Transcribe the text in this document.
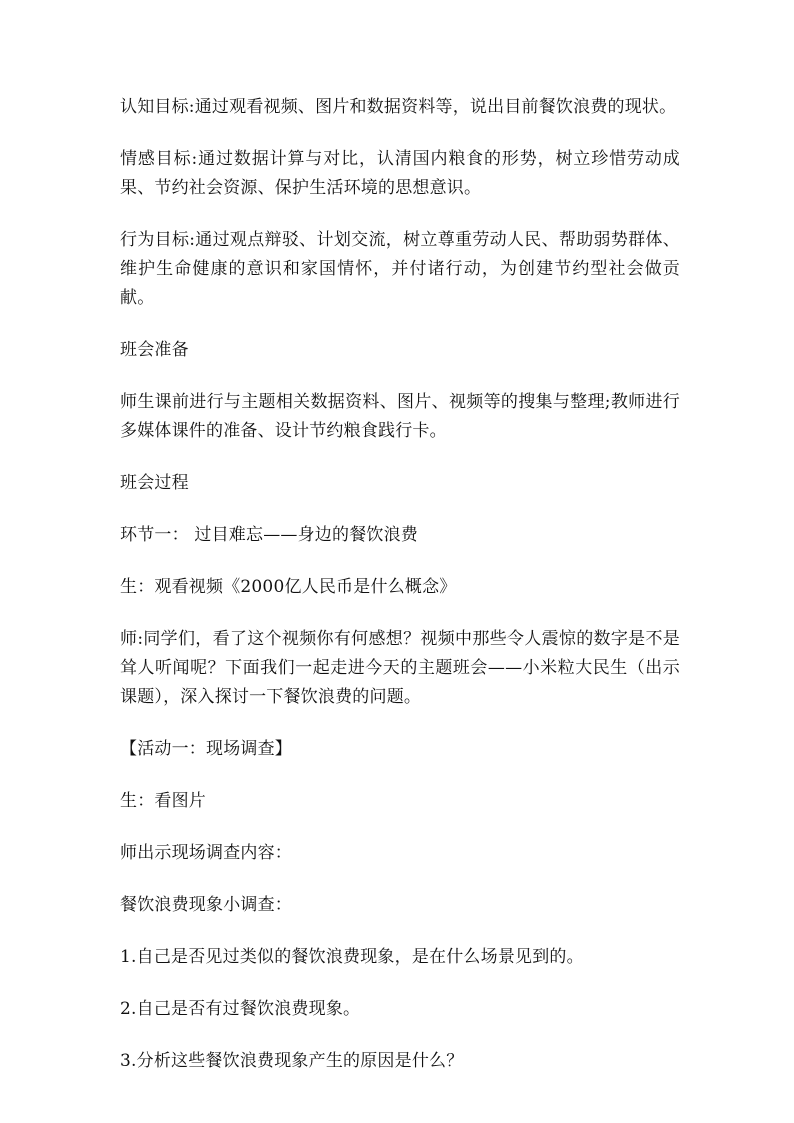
认知目标:通过观看视频、图片和数据资料等，说出目前餐饮浪费的现状。

情感目标:通过数据计算与对比，认清国内粮食的形势，树立珍惜劳动成果、节约社会资源、保护生活环境的思想意识。

行为目标:通过观点辩驳、计划交流，树立尊重劳动人民、帮助弱势群体、维护生命健康的意识和家国情怀，并付诸行动，为创建节约型社会做贡献。

班会准备

师生课前进行与主题相关数据资料、图片、视频等的搜集与整理;教师进行多媒体课件的准备、设计节约粮食践行卡。

班会过程

环节一： 过目难忘——身边的餐饮浪费

生：观看视频《2000亿人民币是什么概念》

师:同学们，看了这个视频你有何感想？视频中那些令人震惊的数字是不是耸人听闻呢？下面我们一起走进今天的主题班会——小米粒大民生（出示课题），深入探讨一下餐饮浪费的问题。

【活动一：现场调查】

生：看图片

师出示现场调查内容：

餐饮浪费现象小调查：

1.自己是否见过类似的餐饮浪费现象，是在什么场景见到的。

2.自己是否有过餐饮浪费现象。

3.分析这些餐饮浪费现象产生的原因是什么？
